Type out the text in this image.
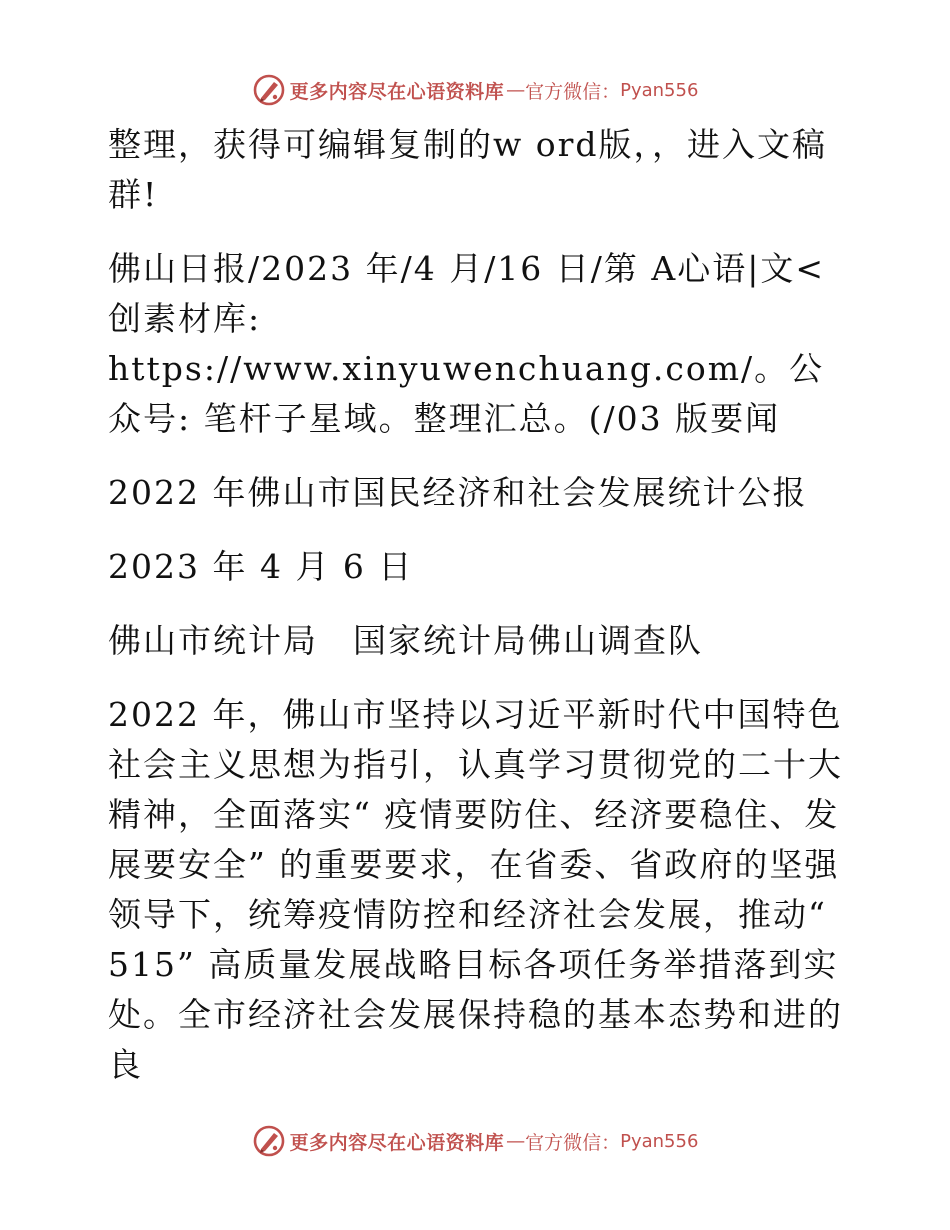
更多内容尽在心语资料库 — 官方微信： Pyan556

整理，获得可编辑复制的w ord版，，进入文稿群!

佛山日报/2023 年/4 月/16 日/第 A心语|文<创素材库: https://www.xinyuwenchuang.com/。公众号: 笔杆子星域。整理汇总。(/03 版要闻

2022 年佛山市国民经济和社会发展统计公报

2023 年 4 月 6 日

佛山市统计局　国家统计局佛山调查队

2022 年，佛山市坚持以习近平新时代中国特色社会主义思想为指引，认真学习贯彻党的二十大精神，全面落实“ 疫情要防住、经济要稳住、发展要安全” 的重要要求，在省委、省政府的坚强领导下，统筹疫情防控和经济社会发展，推动“ 515” 高质量发展战略目标各项任务举措落到实处。全市经济社会发展保持稳的基本态势和进的良

更多内容尽在心语资料库 — 官方微信： Pyan556
